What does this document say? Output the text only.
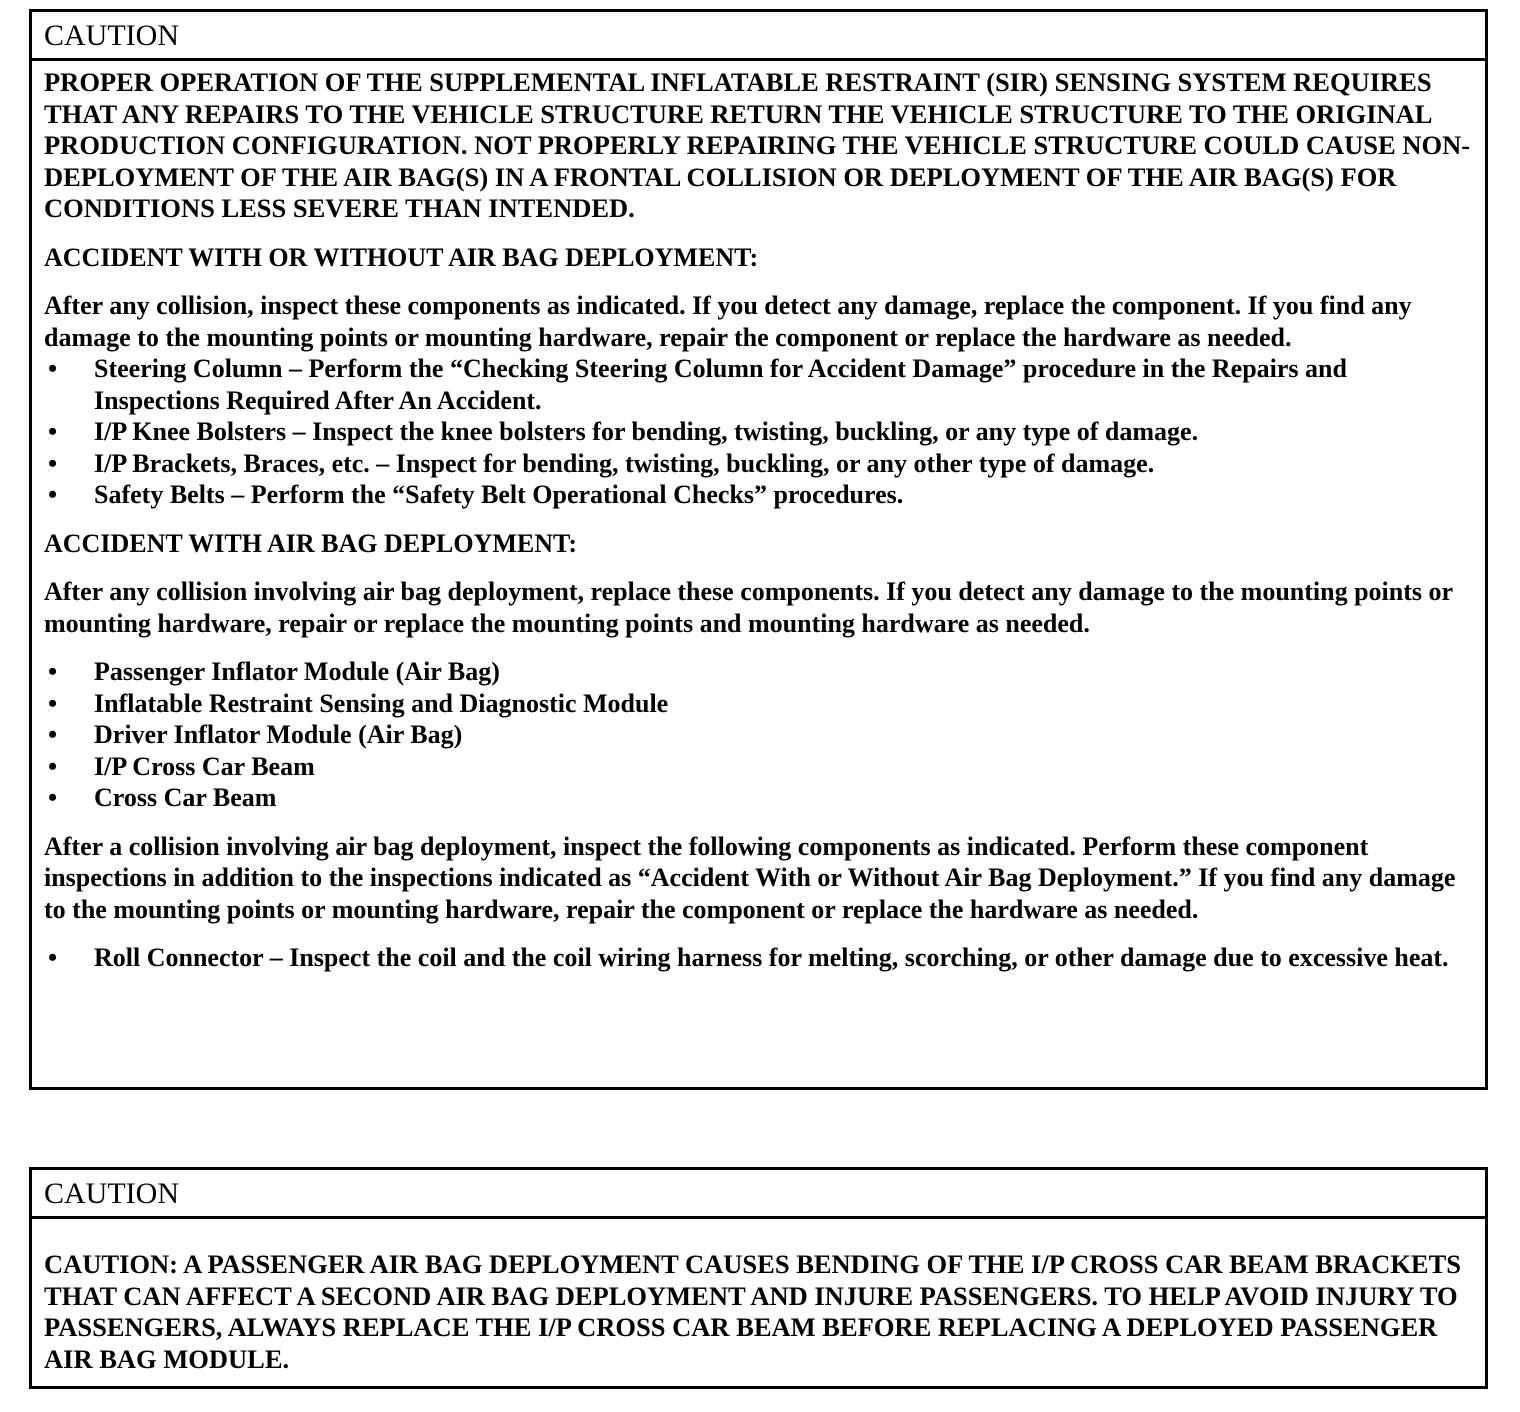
CAUTION

PROPER OPERATION OF THE SUPPLEMENTAL INFLATABLE RESTRAINT (SIR) SENSING SYSTEM REQUIRES THAT ANY REPAIRS TO THE VEHICLE STRUCTURE RETURN THE VEHICLE STRUCTURE TO THE ORIGINAL PRODUCTION CONFIGURATION. NOT PROPERLY REPAIRING THE VEHICLE STRUCTURE COULD CAUSE NON-DEPLOYMENT OF THE AIR BAG(S) IN A FRONTAL COLLISION OR DEPLOYMENT OF THE AIR BAG(S) FOR CONDITIONS LESS SEVERE THAN INTENDED.

ACCIDENT WITH OR WITHOUT AIR BAG DEPLOYMENT:

After any collision, inspect these components as indicated. If you detect any damage, replace the component. If you find any damage to the mounting points or mounting hardware, repair the component or replace the hardware as needed.

• Steering Column – Perform the “Checking Steering Column for Accident Damage” procedure in the Repairs and Inspections Required After An Accident.
• I/P Knee Bolsters – Inspect the knee bolsters for bending, twisting, buckling, or any type of damage.
• I/P Brackets, Braces, etc. – Inspect for bending, twisting, buckling, or any other type of damage.
• Safety Belts – Perform the “Safety Belt Operational Checks” procedures.

ACCIDENT WITH AIR BAG DEPLOYMENT:

After any collision involving air bag deployment, replace these components. If you detect any damage to the mounting points or mounting hardware, repair or replace the mounting points and mounting hardware as needed.

• Passenger Inflator Module (Air Bag)
• Inflatable Restraint Sensing and Diagnostic Module
• Driver Inflator Module (Air Bag)
• I/P Cross Car Beam
• Cross Car Beam

After a collision involving air bag deployment, inspect the following components as indicated. Perform these component inspections in addition to the inspections indicated as “Accident With or Without Air Bag Deployment.” If you find any damage to the mounting points or mounting hardware, repair the component or replace the hardware as needed.

• Roll Connector – Inspect the coil and the coil wiring harness for melting, scorching, or other damage due to excessive heat.
CAUTION

CAUTION: A PASSENGER AIR BAG DEPLOYMENT CAUSES BENDING OF THE I/P CROSS CAR BEAM BRACKETS THAT CAN AFFECT A SECOND AIR BAG DEPLOYMENT AND INJURE PASSENGERS. TO HELP AVOID INJURY TO PASSENGERS, ALWAYS REPLACE THE I/P CROSS CAR BEAM BEFORE REPLACING A DEPLOYED PASSENGER AIR BAG MODULE.
